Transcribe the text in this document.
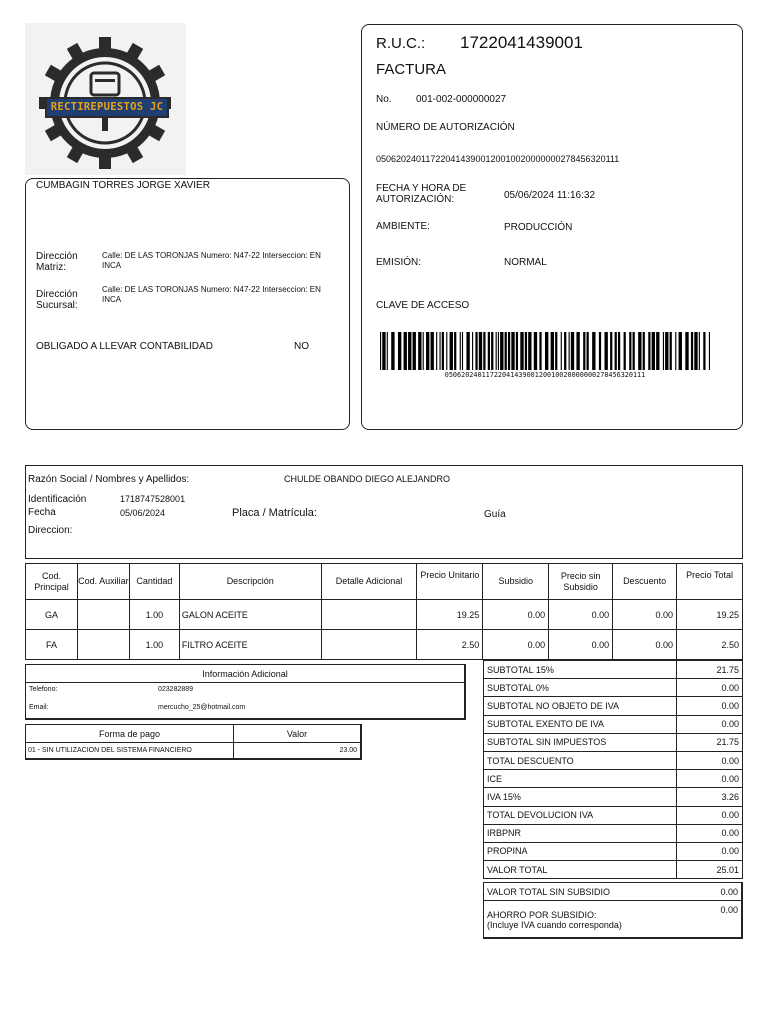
RECTIREPUESTOS JC
CUMBAGIN TORRES JORGE XAVIER
Dirección Matriz:
Calle: DE LAS TORONJAS Numero: N47-22 Interseccion: EN INCA
Dirección Sucursal:
Calle: DE LAS TORONJAS Numero: N47-22 Interseccion: EN INCA
OBLIGADO A LLEVAR CONTABILIDAD	NO
R.U.C.: 1722041439001
FACTURA
No. 001-002-000000027
NÚMERO DE AUTORIZACIÓN
0506202401172204143900120010020000000278456320111
FECHA Y HORA DE
AUTORIZACIÓN:	05/06/2024 11:16:32
AMBIENTE:	PRODUCCIÓN
EMISIÓN:	NORMAL
CLAVE DE ACCESO
0506202401172204143900120010020000000278456320111
Razón Social / Nombres y Apellidos:	CHULDE OBANDO DIEGO ALEJANDRO
Identificación	1718747528001
Fecha	05/06/2024	Placa / Matrícula:	Guía
Direccion:
Cod. Principal	Cod. Auxiliar	Cantidad	Descripción	Detalle Adicional	Precio Unitario	Subsidio	Precio sin Subsidio	Descuento	Precio Total
GA		1.00	GALON ACEITE		19.25	0.00	0.00	0.00	19.25
FA		1.00	FILTRO ACEITE		2.50	0.00	0.00	0.00	2.50
Información Adicional
Telefono:	023282889
Email:	mercucho_25@hotmail.com
Forma de pago	Valor
01 - SIN UTILIZACION DEL SISTEMA FINANCIERO	23.00
SUBTOTAL 15%	21.75
SUBTOTAL 0%	0.00
SUBTOTAL NO OBJETO DE IVA	0.00
SUBTOTAL EXENTO DE IVA	0.00
SUBTOTAL SIN IMPUESTOS	21.75
TOTAL DESCUENTO	0.00
ICE	0.00
IVA 15%	3.26
TOTAL DEVOLUCION IVA	0.00
IRBPNR	0.00
PROPINA	0.00
VALOR TOTAL	25.01
VALOR TOTAL SIN SUBSIDIO	0.00
AHORRO POR SUBSIDIO:
(Incluye IVA cuando corresponda)
0.00
